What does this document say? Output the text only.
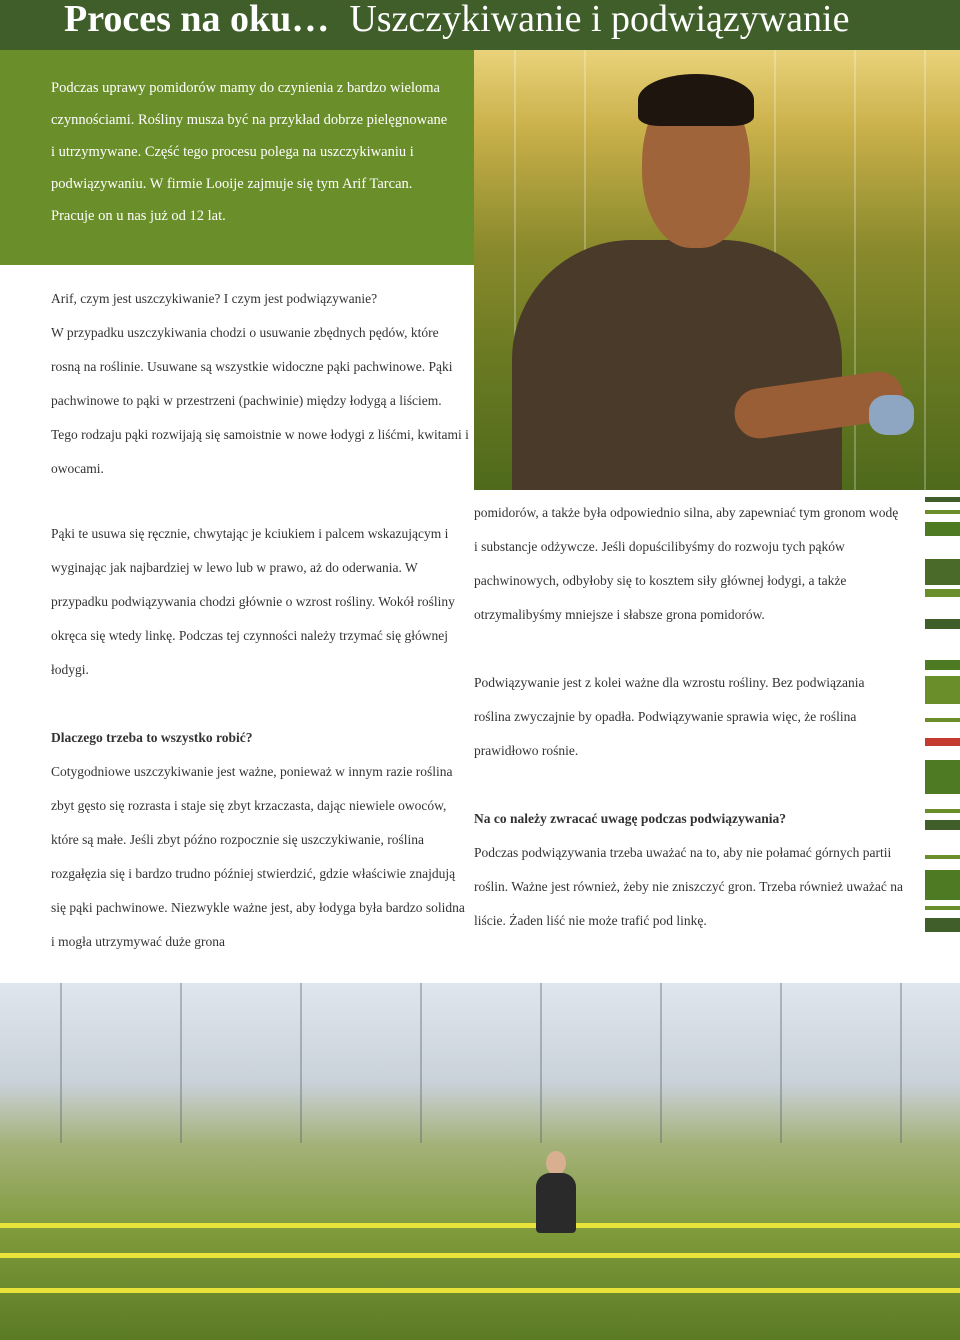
Proces na oku… Uszczykiwanie i podwiązywanie

Podczas uprawy pomidorów mamy do czynienia z bardzo wieloma czynnościami. Rośliny musza być na przykład dobrze pielęgnowane i utrzymywane. Część tego procesu polega na uszczykiwaniu i podwiązywaniu. W firmie Looije zajmuje się tym Arif Tarcan. Pracuje on u nas już od 12 lat.

Arif, czym jest uszczykiwanie? I czym jest podwiązywanie?

W przypadku uszczykiwania chodzi o usuwanie zbędnych pędów, które rosną na roślinie. Usuwane są wszystkie widoczne pąki pachwinowe. Pąki pachwinowe to pąki w przestrzeni (pachwinie) między łodygą a liściem. Tego rodzaju pąki rozwijają się samoistnie w nowe łodygi z liśćmi, kwitami i owocami.

Pąki te usuwa się ręcznie, chwytając je kciukiem i palcem wskazującym i wyginając jak najbardziej w lewo lub w prawo, aż do oderwania. W przypadku podwiązywania chodzi głównie o wzrost rośliny. Wokół rośliny okręca się wtedy linkę. Podczas tej czynności należy trzymać się głównej łodygi.

Dlaczego trzeba to wszystko robić?

Cotygodniowe uszczykiwanie jest ważne, ponieważ w innym razie roślina zbyt gęsto się rozrasta i staje się zbyt krzaczasta, dając niewiele owoców, które są małe. Jeśli zbyt późno rozpocznie się uszczykiwanie, roślina rozgałęzia się i bardzo trudno później stwierdzić, gdzie właściwie znajdują się pąki pachwinowe. Niezwykle ważne jest, aby łodyga była bardzo solidna i mogła utrzymywać duże grona

pomidorów, a także była odpowiednio silna, aby zapewniać tym gronom wodę i substancje odżywcze. Jeśli dopuścilibyśmy do rozwoju tych pąków pachwinowych, odbyłoby się to kosztem siły głównej łodygi, a także otrzymalibyśmy mniejsze i słabsze grona pomidorów.

Podwiązywanie jest z kolei ważne dla wzrostu rośliny. Bez podwiązania roślina zwyczajnie by opadła. Podwiązywanie sprawia więc, że roślina prawidłowo rośnie.

Na co należy zwracać uwagę podczas podwiązywania?

Podczas podwiązywania trzeba uważać na to, aby nie połamać górnych partii roślin. Ważne jest również, żeby nie zniszczyć gron. Trzeba również uważać na liście. Żaden liść nie może trafić pod linkę.
